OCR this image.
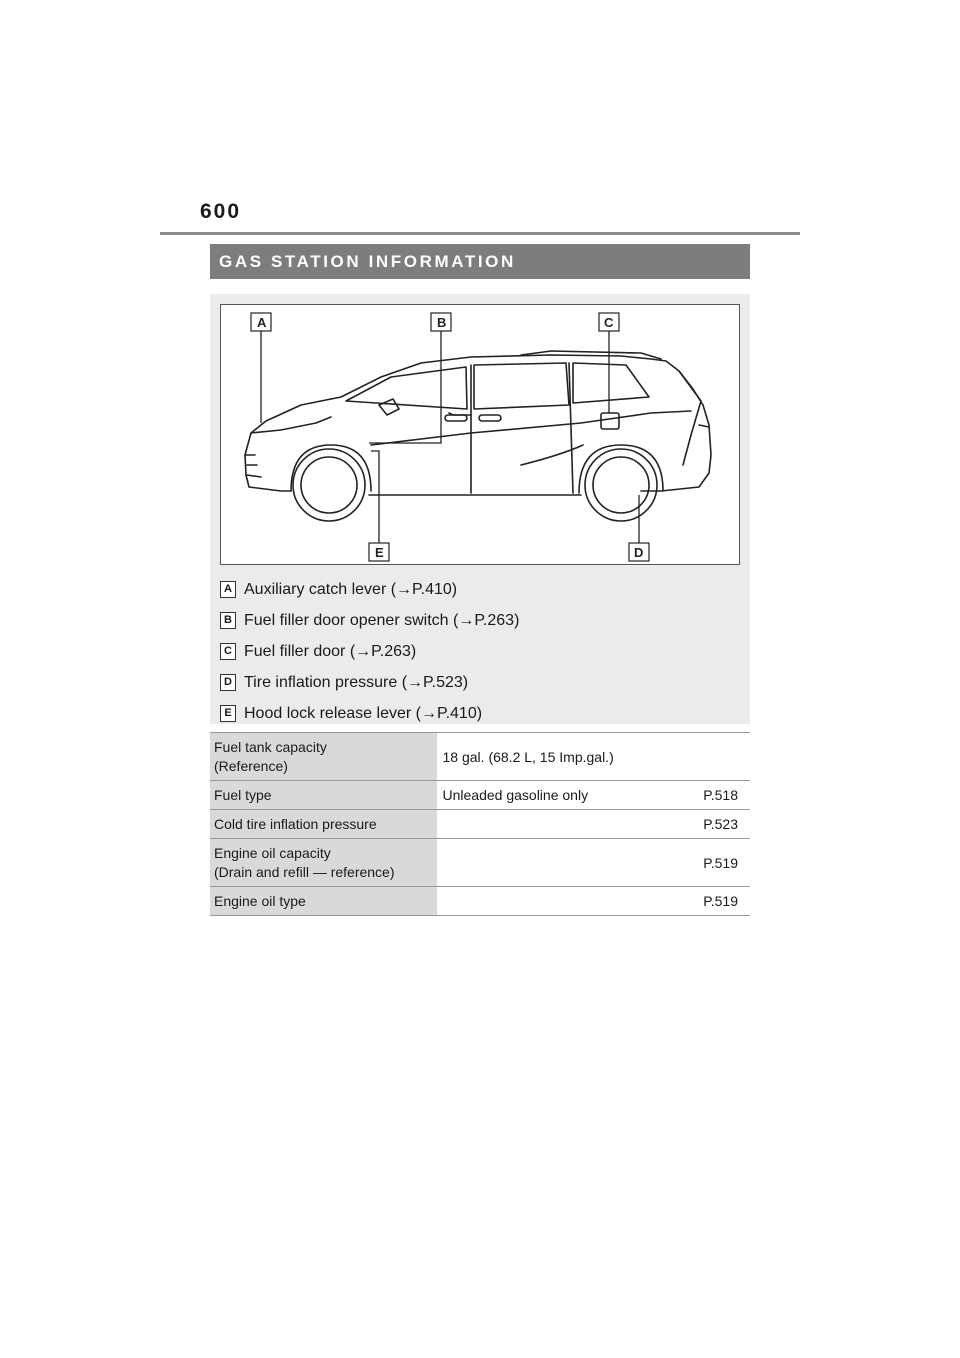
600
GAS STATION INFORMATION
A	B	C
D
E
A Auxiliary catch lever ( → P.410)
B Fuel filler door opener switch ( → P.263)
C Fuel filler door ( → P.263)
D Tire inflation pressure ( → P.523)
E Hood lock release lever ( → P.410)
Fuel tank capacity
(Reference)	18 gal. (68.2 L, 15 Imp.gal.)

Fuel type	Unleaded gasoline only P.518

Cold tire inflation pressure	P.523

Engine oil capacity
(Drain and refill — reference)	P.519

Engine oil type	P.519
